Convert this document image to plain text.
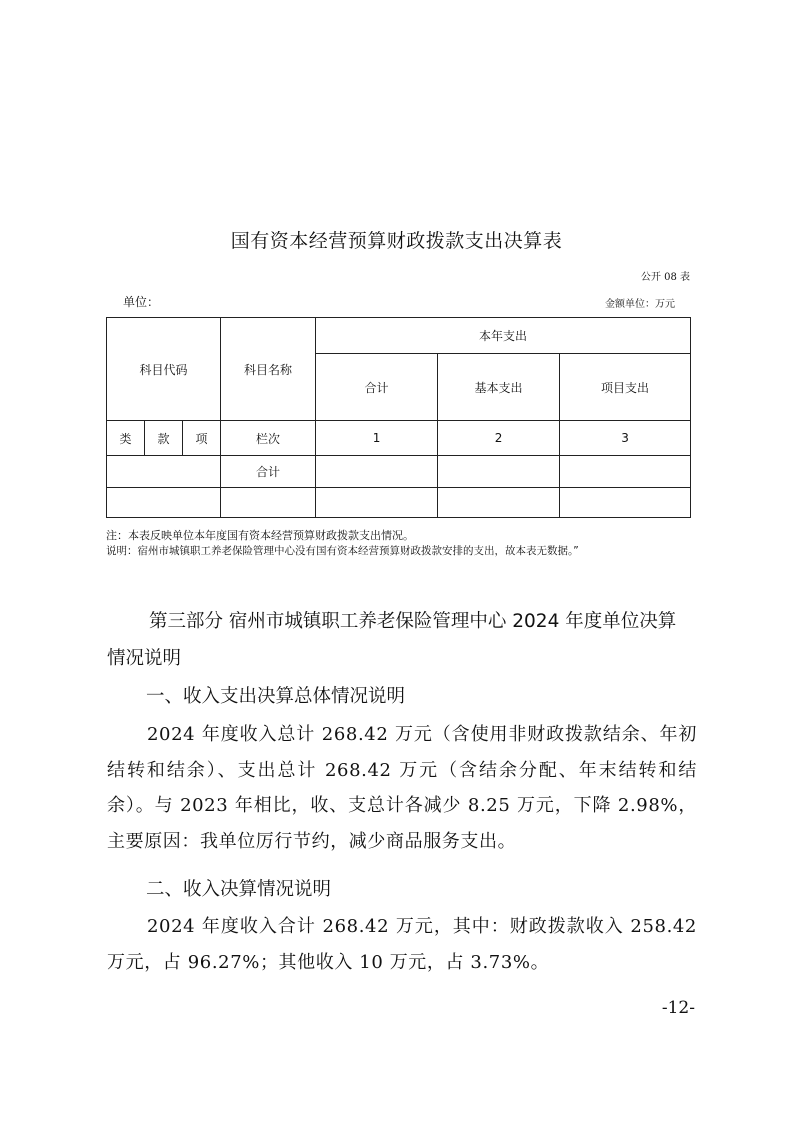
国有资本经营预算财政拨款支出决算表
公开 08 表
单位：	金额单位：万元
科目代码			科目名称	本年支出		
				合计	基本支出	项目支出
类	款	项	栏次	1	2	3
			合计			

注：本表反映单位本年度国有资本经营预算财政拨款支出情况。
说明：宿州市城镇职工养老保险管理中心没有国有资本经营预算财政拨款安排的支出，故本表无数据。”
第三部分 宿州市城镇职工养老保险管理中心 2024 年度单位决算情况说明
一、收入支出决算总体情况说明
2024 年度收入总计 268.42 万元（含使用非财政拨款结余、年初结转和结余）、支出总计 268.42 万元（含结余分配、年末结转和结余）。与 2023 年相比，收、支总计各减少 8.25 万元，下降 2.98%，主要原因：我单位厉行节约，减少商品服务支出。
二、收入决算情况说明
2024 年度收入合计 268.42 万元，其中：财政拨款收入 258.42 万元，占 96.27%；其他收入 10 万元，占 3.73%。
-12-
